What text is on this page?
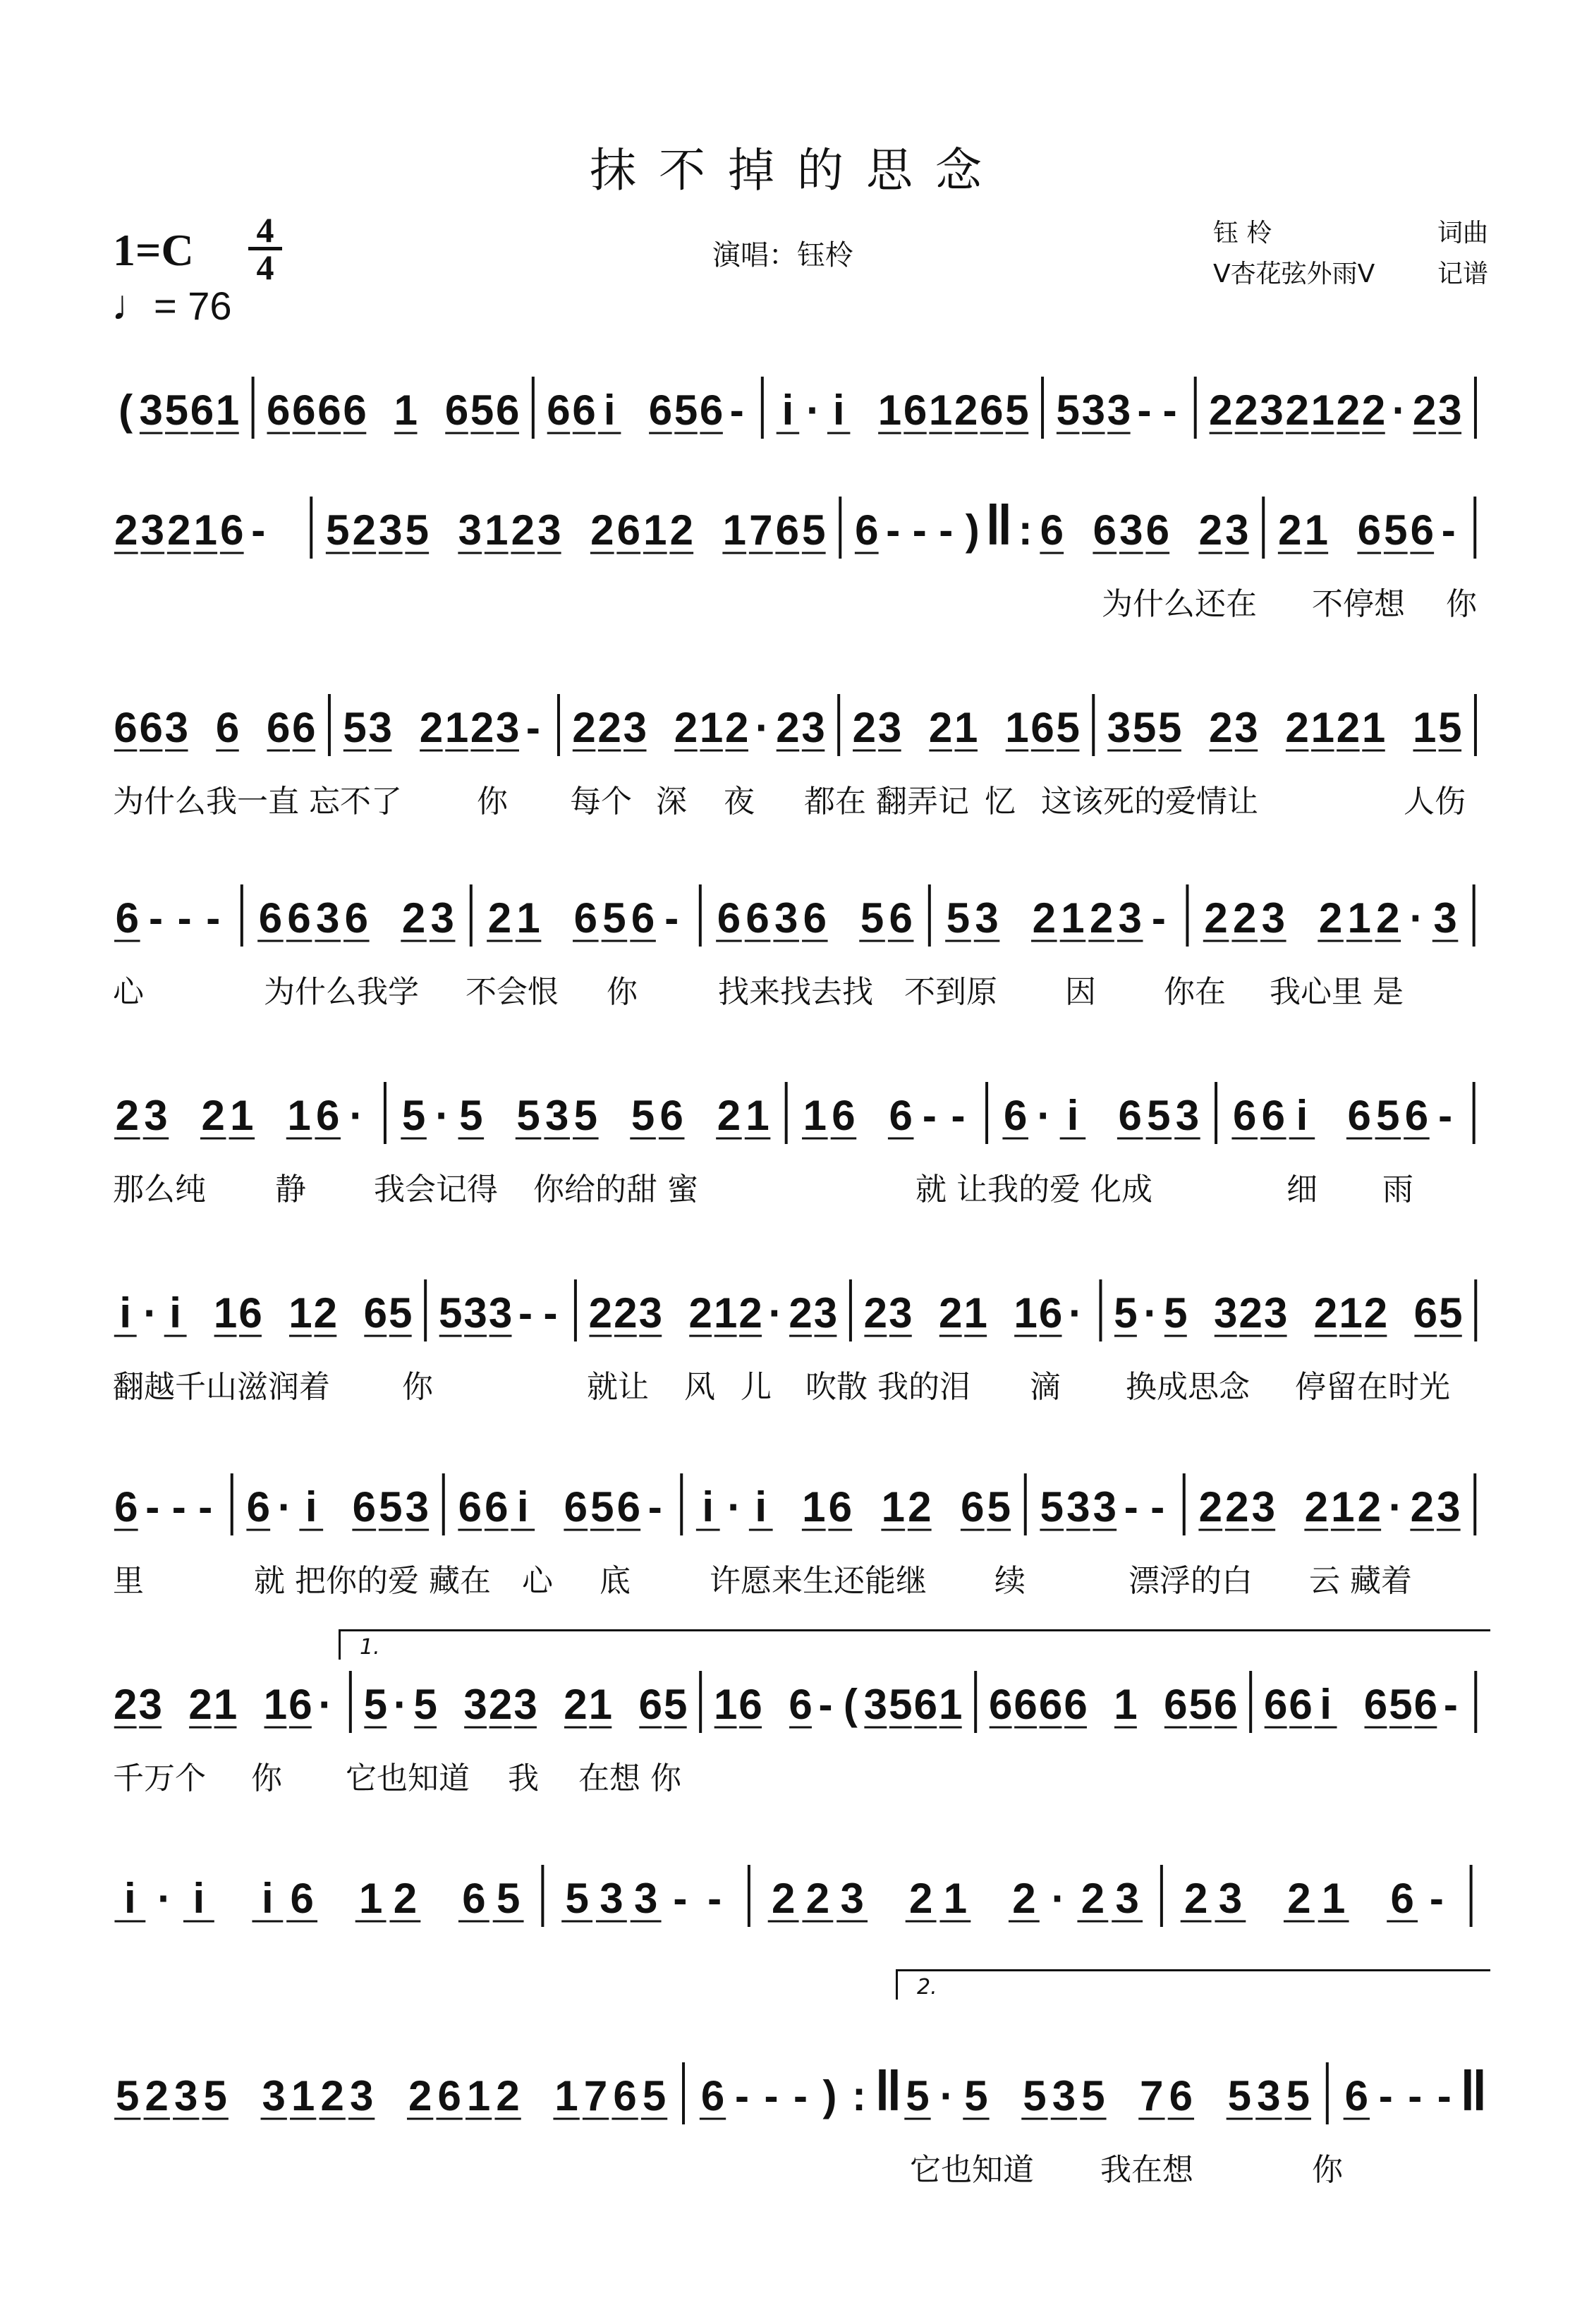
抹不掉的思念
1=C 4
4
♩= 76
演唱：钰柃
钰 柃	词曲
V杏花弦外雨V 记谱
( 3 5 6 1 6 6 6 6 1 6 5 6 6 6 i 6 5 6 - i · i 1 6 1 2 6 5 5 3 3 - - 2 2 3 2 1 2 2 · 2 3
2 3 2 1 6 - 5 2 3 5 3 1 2 3 2 6 1 2 1 7 6 5 6 - - - ) ‖ : 6 6 3 6 2 3 2 1 6 5 6 -
为什么还在 不停想 你
6 6 3 6 6 6 5 3 2 1 2 3 - 2 2 3 2 1 2 · 2 3 2 3 2 1 1 6 5 3 5 5 2 3 2 1 2 1 1 5
为什么我一直 忘不了 你 每个 深 夜 都在 翻弄记 忆 这该死的爱情让	人伤
6 - - - 6 6 3 6 2 3 2 1 6 5 6 - 6 6 3 6 5 6 5 3 2 1 2 3 - 2 2 3 2 1 2 · 3
心	为什么我学 不会恨 你	找来找去找 不到原 因 你在 我心里 是
2 3 2 1 1 6 · 5 · 5 5 3 5 5 6 2 1 1 6 6 - - 6 · i 6 5 3 6 6 i 6 5 6 -
那么纯 静 我会记得 你给的甜 蜜	就 让我的爱 化成	细 雨
i · i 1 6 1 2 6 5 5 3 3 - - 2 2 3 2 1 2 · 2 3 2 3 2 1 1 6 · 5 · 5 3 2 3 2 1 2 6 5
翻越千山滋润着 你	就让 风 儿 吹散 我的泪 滴 换成思念 停留在时光
6 - - - 6 · i 6 5 3 6 6 i 6 5 6 - i · i 1 6 1 2 6 5 5 3 3 - - 2 2 3 2 1 2 · 2 3
里	就 把你的爱 藏在 心 底	许愿来生还能继 续	漂浮的白 云 藏着
2 3 2 1 1 6 · 5 · 5 3 2 3 2 1 6 5 1 6 6 - ( 3 5 6 1 6 6 6 6 1 6 5 6 6 6 i 6 5 6 -
千万个 你 它也知道 我 在想 你
i · i i 6 1 2 6 5 5 3 3 - - 2 2 3 2 1 2 · 2 3 2 3 2 1 6 -
5 2 3 5 3 1 2 3 2 6 1 2 1 7 6 5 6 - - - ) : ‖ 5 · 5 5 3 5 7 6 5 3 5 6 - - - ‖
它也知道 我在想	你
1.
2.
